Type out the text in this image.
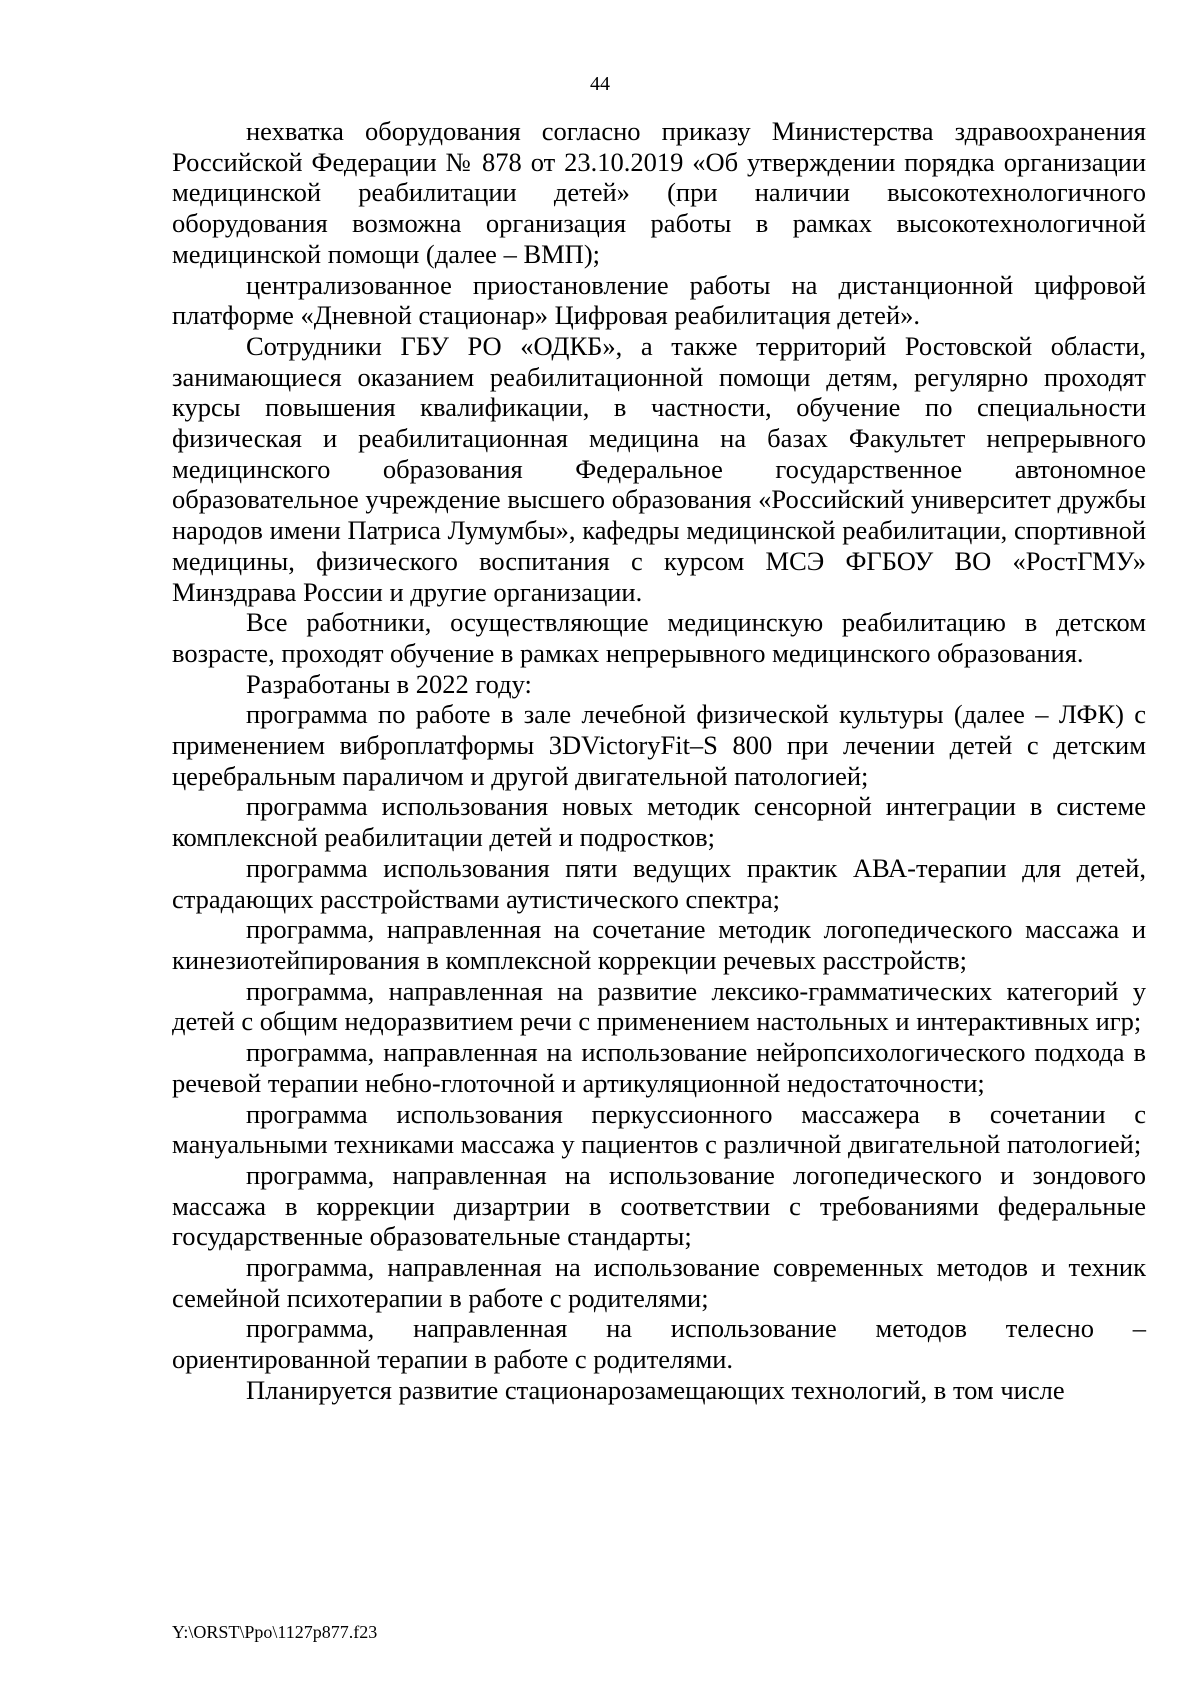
44

нехватка оборудования согласно приказу Министерства здравоохранения Российской Федерации № 878 от 23.10.2019 «Об утверждении порядка организации медицинской реабилитации детей» (при наличии высокотехнологичного оборудования возможна организация работы в рамках высокотехнологичной медицинской помощи (далее – ВМП);

централизованное приостановление работы на дистанционной цифровой платформе «Дневной стационар» Цифровая реабилитация детей».

Сотрудники ГБУ РО «ОДКБ», а также территорий Ростовской области, занимающиеся оказанием реабилитационной помощи детям, регулярно проходят курсы повышения квалификации, в частности, обучение по специальности физическая и реабилитационная медицина на базах Факультет непрерывного медицинского образования Федеральное государственное автономное образовательное учреждение высшего образования «Российский университет дружбы народов имени Патриса Лумумбы», кафедры медицинской реабилитации, спортивной медицины, физического воспитания с курсом МСЭ ФГБОУ ВО «РостГМУ» Минздрава России и другие организации.

Все работники, осуществляющие медицинскую реабилитацию в детском возрасте, проходят обучение в рамках непрерывного медицинского образования.

Разработаны в 2022 году:

программа по работе в зале лечебной физической культуры (далее – ЛФК) с применением виброплатформы 3DVictoryFit–S 800 при лечении детей с детским церебральным параличом и другой двигательной патологией;

программа использования новых методик сенсорной интеграции в системе комплексной реабилитации детей и подростков;

программа использования пяти ведущих практик АВА-терапии для детей, страдающих расстройствами аутистического спектра;

программа, направленная на сочетание методик логопедического массажа и кинезиотейпирования в комплексной коррекции речевых расстройств;

программа, направленная на развитие лексико-грамматических категорий у детей с общим недоразвитием речи с применением настольных и интерактивных игр;

программа, направленная на использование нейропсихологического подхода в речевой терапии небно-глоточной и артикуляционной недостаточности;

программа использования перкуссионного массажера в сочетании с мануальными техниками массажа у пациентов с различной двигательной патологией;

программа, направленная на использование логопедического и зондового массажа в коррекции дизартрии в соответствии с требованиями федеральные государственные образовательные стандарты;

программа, направленная на использование современных методов и техник семейной психотерапии в работе с родителями;

программа, направленная на использование методов телесно – ориентированной терапии в работе с родителями.

Планируется развитие стационарозамещающих технологий, в том числе

Y:\ORST\Ppo\1127p877.f23
